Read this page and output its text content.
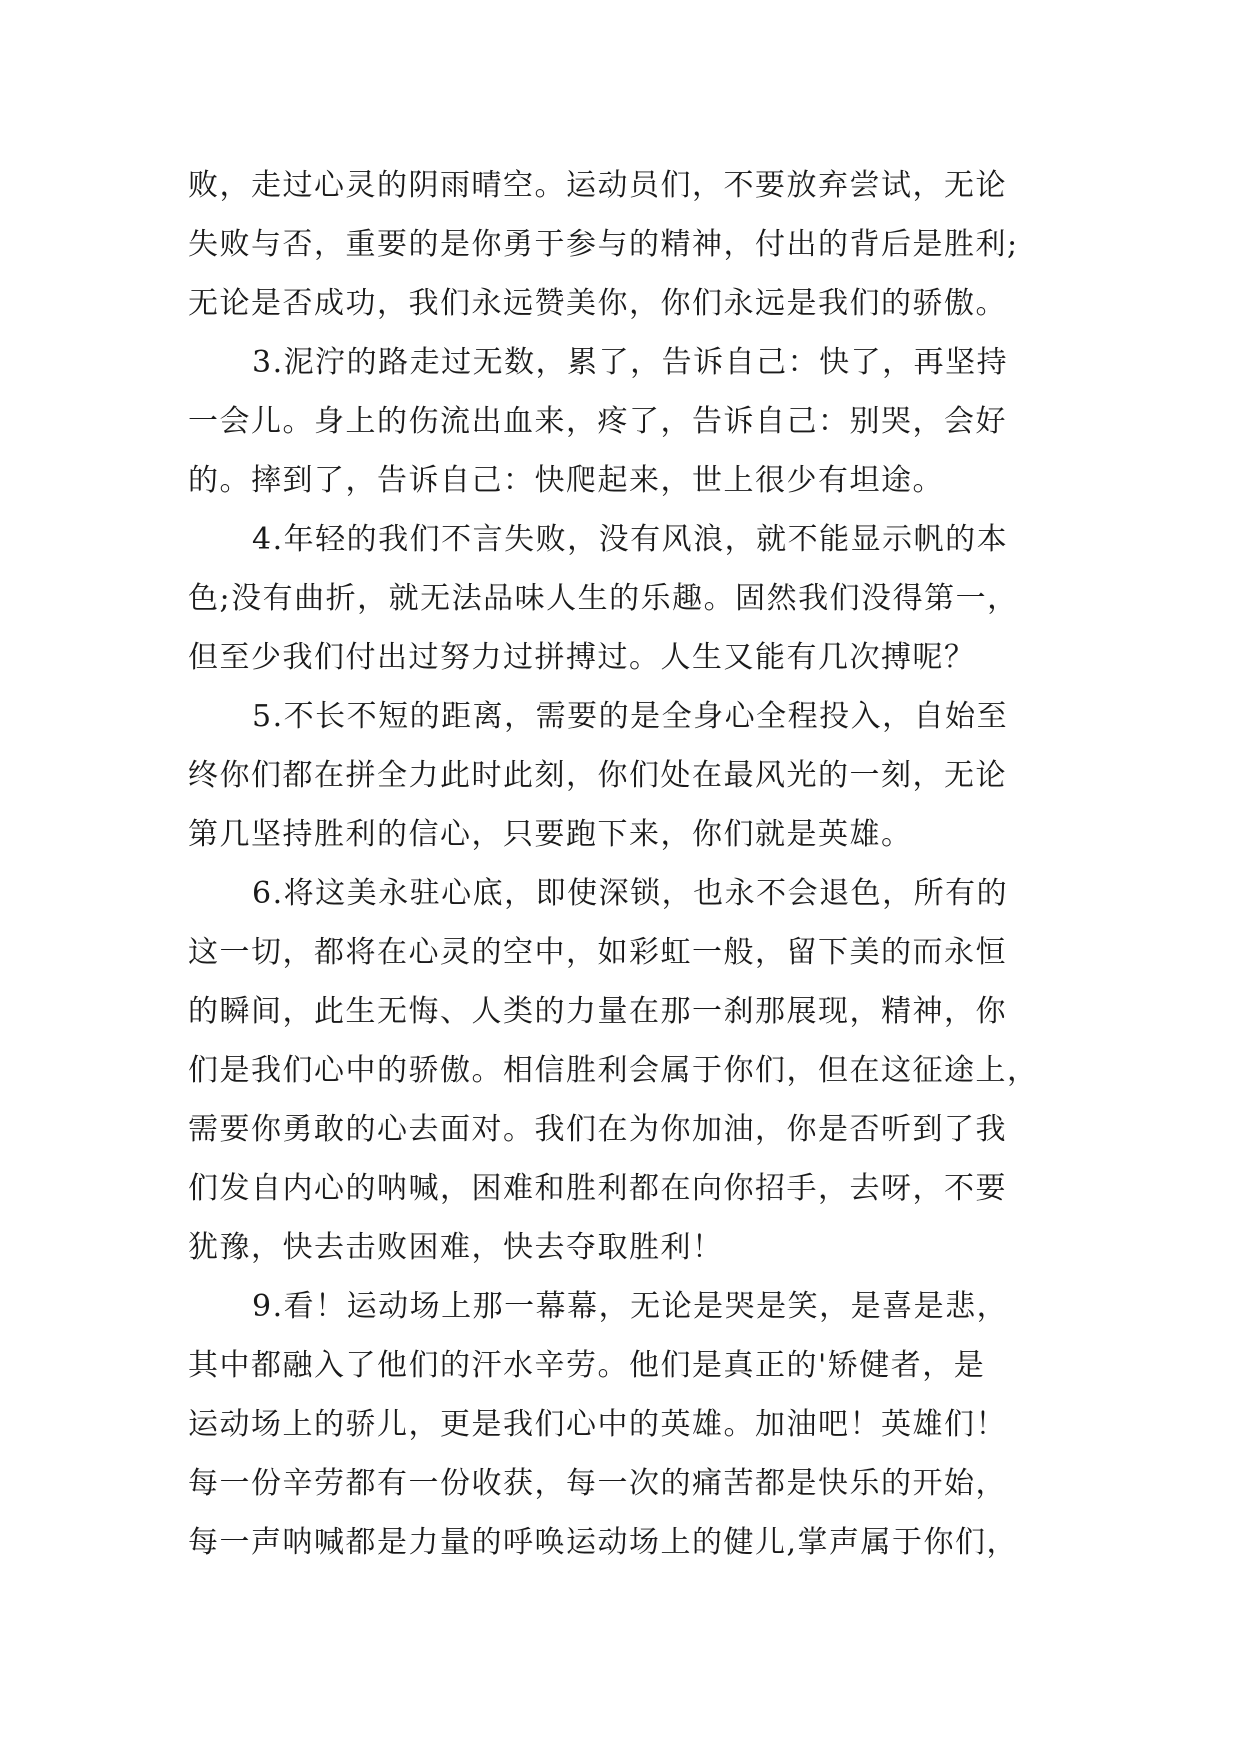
败，走过心灵的阴雨晴空。运动员们，不要放弃尝试，无论
失败与否，重要的是你勇于参与的精神，付出的背后是胜利;
无论是否成功，我们永远赞美你，你们永远是我们的骄傲。

3.泥泞的路走过无数，累了，告诉自己：快了，再坚持
一会儿。身上的伤流出血来，疼了，告诉自己：别哭，会好
的。摔到了，告诉自己：快爬起来，世上很少有坦途。

4.年轻的我们不言失败，没有风浪，就不能显示帆的本
色;没有曲折，就无法品味人生的乐趣。固然我们没得第一，
但至少我们付出过努力过拼搏过。人生又能有几次搏呢？

5.不长不短的距离，需要的是全身心全程投入，自始至
终你们都在拼全力此时此刻，你们处在最风光的一刻，无论
第几坚持胜利的信心，只要跑下来，你们就是英雄。

6.将这美永驻心底，即使深锁，也永不会退色，所有的
这一切，都将在心灵的空中，如彩虹一般，留下美的而永恒
的瞬间，此生无悔、人类的力量在那一刹那展现，精神，你
们是我们心中的骄傲。相信胜利会属于你们，但在这征途上，
需要你勇敢的心去面对。我们在为你加油，你是否听到了我
们发自内心的呐喊，困难和胜利都在向你招手，去呀，不要
犹豫，快去击败困难，快去夺取胜利！

9.看！运动场上那一幕幕，无论是哭是笑，是喜是悲，
其中都融入了他们的汗水辛劳。他们是真正的'矫健者，是
运动场上的骄儿，更是我们心中的英雄。加油吧！英雄们！
每一份辛劳都有一份收获，每一次的痛苦都是快乐的开始，
每一声呐喊都是力量的呼唤运动场上的健儿,掌声属于你们，
